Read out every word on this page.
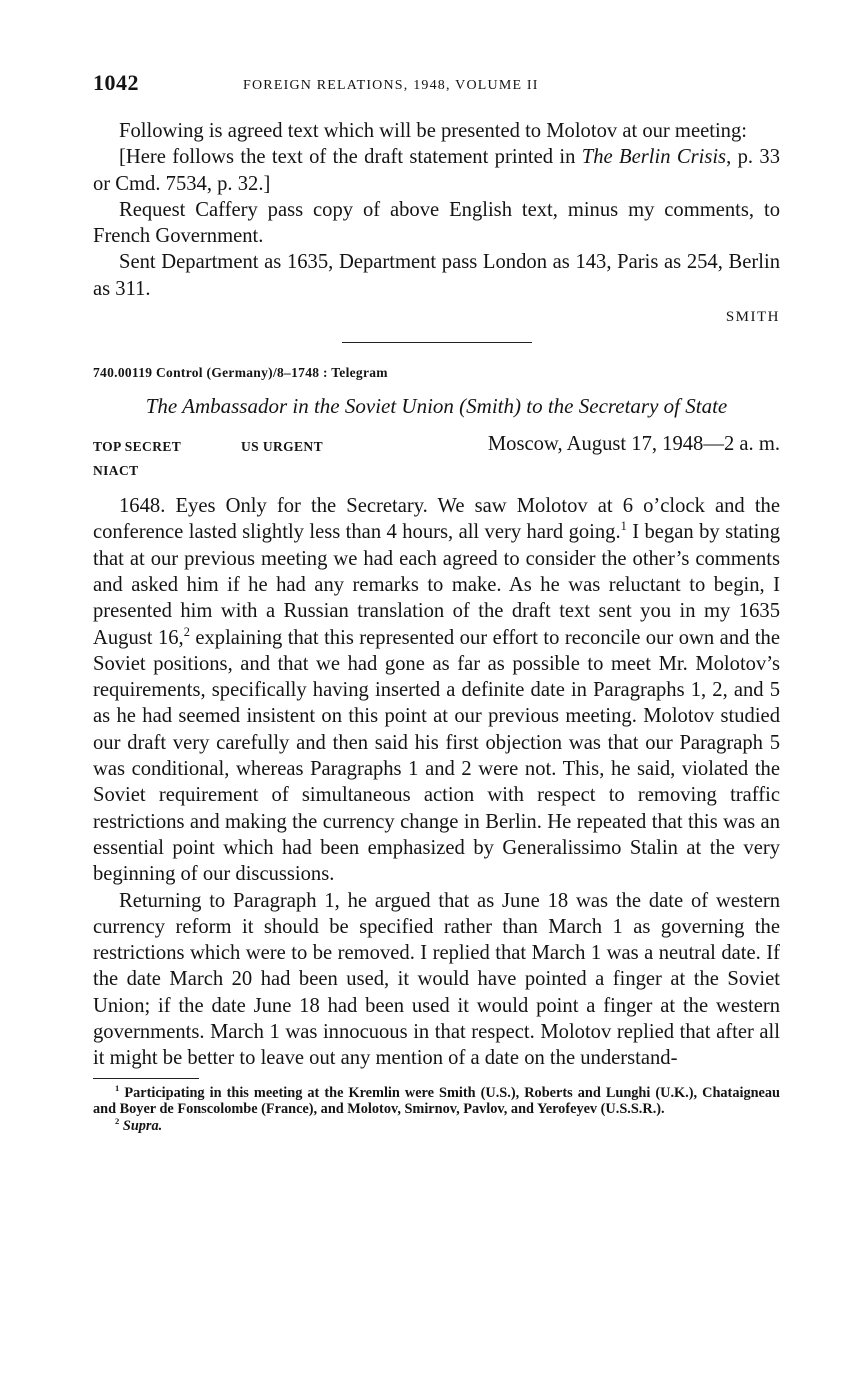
1042	FOREIGN RELATIONS, 1948, VOLUME II

Following is agreed text which will be presented to Molotov at our meeting:

[Here follows the text of the draft statement printed in The Berlin Crisis, p. 33 or Cmd. 7534, p. 32.]

Request Caffery pass copy of above English text, minus my comments, to French Government.

Sent Department as 1635, Department pass London as 143, Paris as 254, Berlin as 311.

SMITH
740.00119 Control (Germany)/8–1748 : Telegram
The Ambassador in the Soviet Union (Smith) to the Secretary of State
TOP SECRET	US URGENT
NIACT
Moscow, August 17, 1948—2 a. m.

1648. Eyes Only for the Secretary. We saw Molotov at 6 o’clock and the conference lasted slightly less than 4 hours, all very hard going.$^1$ I began by stating that at our previous meeting we had each agreed to consider the other’s comments and asked him if he had any remarks to make. As he was reluctant to begin, I presented him with a Russian translation of the draft text sent you in my 1635 August 16,$^2$ explaining that this represented our effort to reconcile our own and the Soviet positions, and that we had gone as far as possible to meet Mr. Molotov’s requirements, specifically having inserted a definite date in Paragraphs 1, 2, and 5 as he had seemed insistent on this point at our previous meeting. Molotov studied our draft very carefully and then said his first objection was that our Paragraph 5 was conditional, whereas Paragraphs 1 and 2 were not. This, he said, violated the Soviet requirement of simultaneous action with respect to removing traffic restrictions and making the currency change in Berlin. He repeated that this was an essential point which had been emphasized by Generalissimo Stalin at the very beginning of our discussions.

Returning to Paragraph 1, he argued that as June 18 was the date of western currency reform it should be specified rather than March 1 as governing the restrictions which were to be removed. I replied that March 1 was a neutral date. If the date March 20 had been used, it would have pointed a finger at the Soviet Union; if the date June 18 had been used it would point a finger at the western governments. March 1 was innocuous in that respect. Molotov replied that after all it might be better to leave out any mention of a date on the understand-

$^1$ Participating in this meeting at the Kremlin were Smith (U.S.), Roberts and Lunghi (U.K.), Chataigneau and Boyer de Fonscolombe (France), and Molotov, Smirnov, Pavlov, and Yerofeyev (U.S.S.R.).

$^2$ Supra.
